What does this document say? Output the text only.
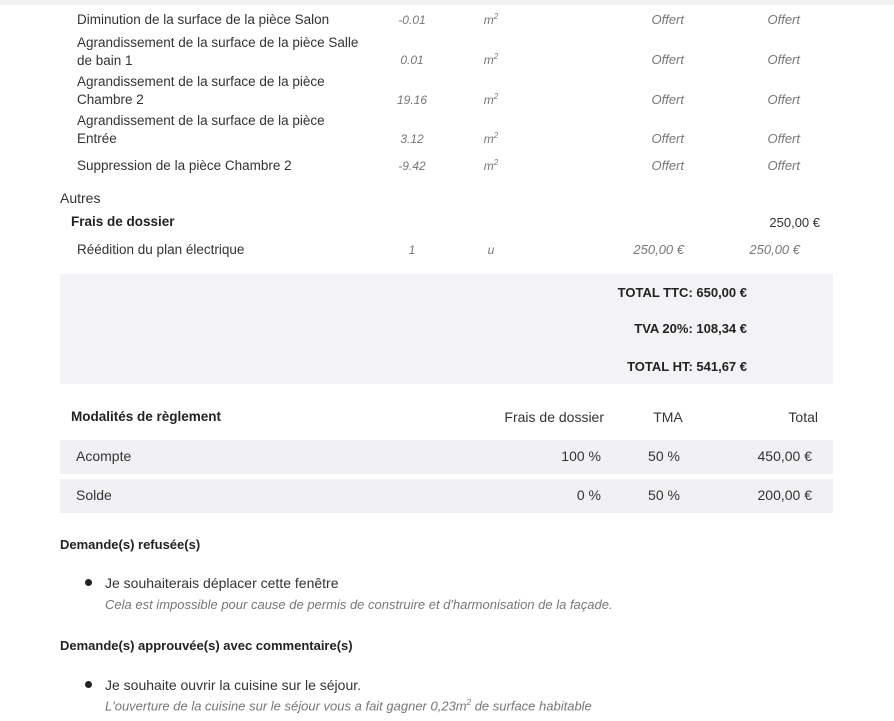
Diminution de la surface de la pièce Salon	-0.01	$m^2$	Offert	Offert
Agrandissement de la surface de la pièce Salle de bain 1	0.01	$m^2$	Offert	Offert
Agrandissement de la surface de la pièce Chambre 2	19.16	$m^2$	Offert	Offert
Agrandissement de la surface de la pièce Entrée	3.12	$m^2$	Offert	Offert
Suppression de la pièce Chambre 2	-9.42	$m^2$	Offert	Offert
Autres
Frais de dossier	250,00 €
Réédition du plan électrique	1	u	250,00 €	250,00 €
TOTAL TTC: 650,00 €
TVA 20%: 108,34 €
TOTAL HT: 541,67 €
Modalités de règlement	Frais de dossier	TMA	Total
Acompte	100 %	50 %	450,00 €
Solde	0 %	50 %	200,00 €
Demande(s) refusée(s)
Je souhaiterais déplacer cette fenêtre
Cela est impossible pour cause de permis de construire et d'harmonisation de la façade.
Demande(s) approuvée(s) avec commentaire(s)
Je souhaite ouvrir la cuisine sur le séjour.
L'ouverture de la cuisine sur le séjour vous a fait gagner $0,23m^2$ de surface habitable
